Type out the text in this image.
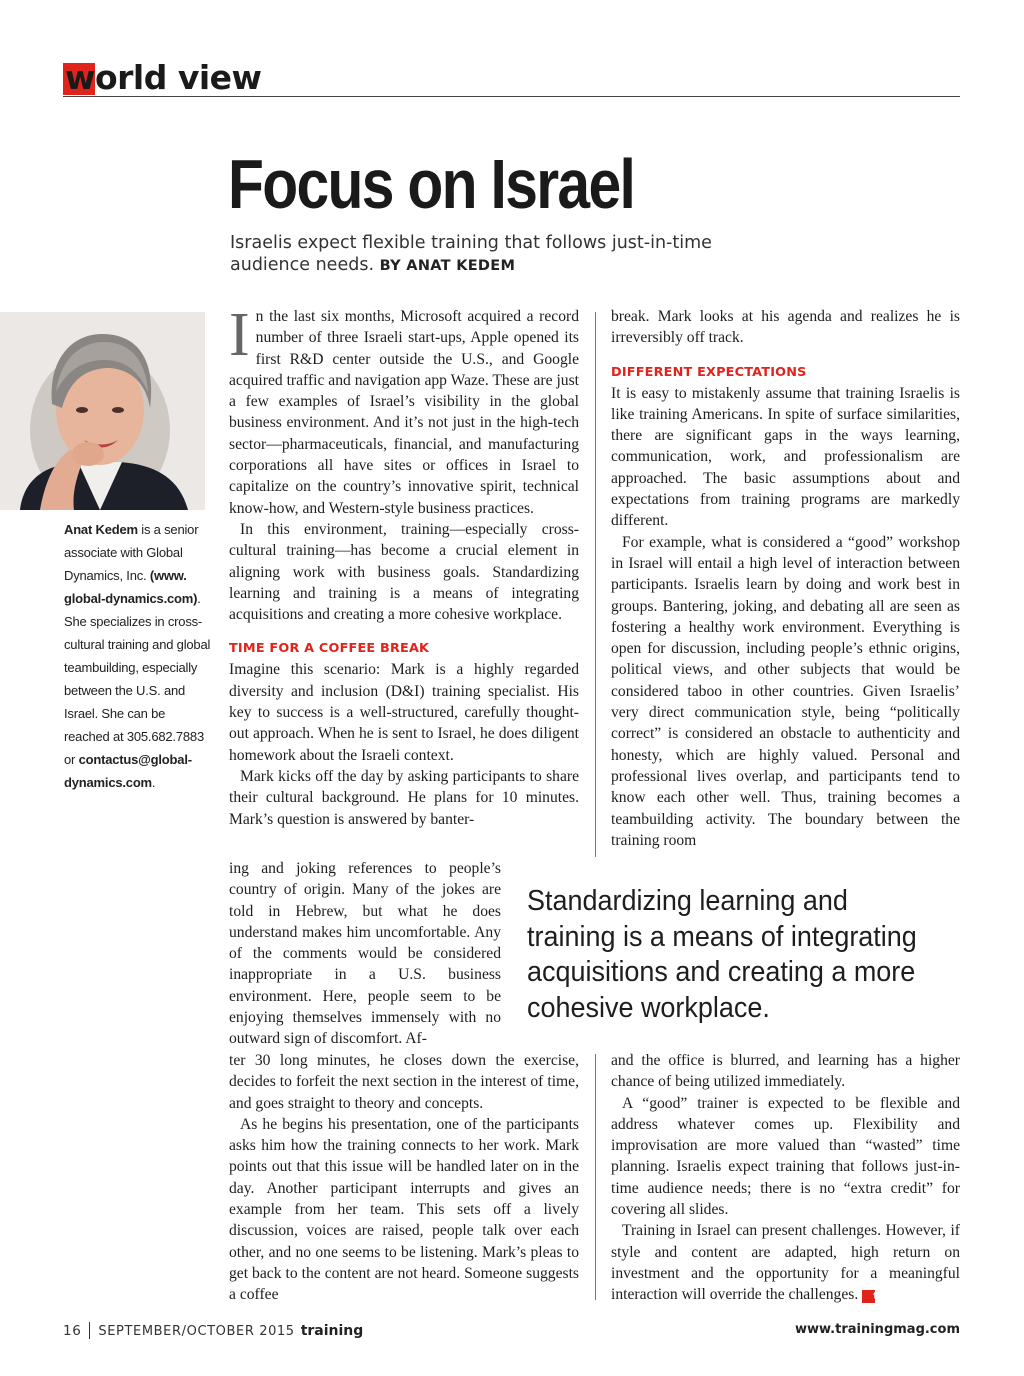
world view
Focus on Israel
Israelis expect flexible training that follows just-in-time audience needs. BY ANAT KEDEM
Anat Kedem is a senior associate with Global Dynamics, Inc. (www. global-dynamics.com). She specializes in cross-cultural training and global teambuilding, especially between the U.S. and Israel. She can be reached at 305.682.7883 or contactus@global-dynamics.com.

In the last six months, Microsoft acquired a record number of three Israeli start-ups, Apple opened its first R&D center outside the U.S., and Google acquired traffic and navigation app Waze. These are just a few examples of Israel’s visibility in the global business environment. And it’s not just in the high-tech sector—pharmaceuticals, financial, and manufacturing corporations all have sites or offices in Israel to capitalize on the country’s innovative spirit, technical know-how, and Western-style business practices.

In this environment, training—especially cross-cultural training—has become a crucial element in aligning work with business goals. Standardizing learning and training is a means of integrating acquisitions and creating a more cohesive workplace.

TIME FOR A COFFEE BREAK

Imagine this scenario: Mark is a highly regarded diversity and inclusion (D&I) training specialist. His key to success is a well-structured, carefully thought-out approach. When he is sent to Israel, he does diligent homework about the Israeli context.

Mark kicks off the day by asking participants to share their cultural background. He plans for 10 minutes. Mark’s question is answered by banter-

ing and joking references to people’s country of origin. Many of the jokes are told in Hebrew, but what he does understand makes him uncomfortable. Any of the comments would be considered inappropriate in a U.S. business environment. Here, people seem to be enjoying themselves immensely with no outward sign of discomfort. Af-

ter 30 long minutes, he closes down the exercise, decides to forfeit the next section in the interest of time, and goes straight to theory and concepts.

As he begins his presentation, one of the participants asks him how the training connects to her work. Mark points out that this issue will be handled later on in the day. Another participant interrupts and gives an example from her team. This sets off a lively discussion, voices are raised, people talk over each other, and no one seems to be listening. Mark’s pleas to get back to the content are not heard. Someone suggests a coffee

break. Mark looks at his agenda and realizes he is irreversibly off track.

DIFFERENT EXPECTATIONS

It is easy to mistakenly assume that training Israelis is like training Americans. In spite of surface similarities, there are significant gaps in the ways learning, communication, work, and professionalism are approached. The basic assumptions about and expectations from training programs are markedly different.

For example, what is considered a “good” workshop in Israel will entail a high level of interaction between participants. Israelis learn by doing and work best in groups. Bantering, joking, and debating all are seen as fostering a healthy work environment. Everything is open for discussion, including people’s ethnic origins, political views, and other subjects that would be considered taboo in other countries. Given Israelis’ very direct communication style, being “politically correct” is considered an obstacle to authenticity and honesty, which are highly valued. Personal and professional lives overlap, and participants tend to know each other well. Thus, training becomes a teambuilding activity. The boundary between the training room

Standardizing learning and training is a means of integrating acquisitions and creating a more cohesive workplace.

and the office is blurred, and learning has a higher chance of being utilized immediately.

A “good” trainer is expected to be flexible and address whatever comes up. Flexibility and improvisation are more valued than “wasted” time planning. Israelis expect training that follows just-in-time audience needs; there is no “extra credit” for covering all slides.

Training in Israel can present challenges. However, if style and content are adapted, high return on investment and the opportunity for a meaningful interaction will override the challenges. t

16 SEPTEMBER/OCTOBER 2015 training	www.trainingmag.com
